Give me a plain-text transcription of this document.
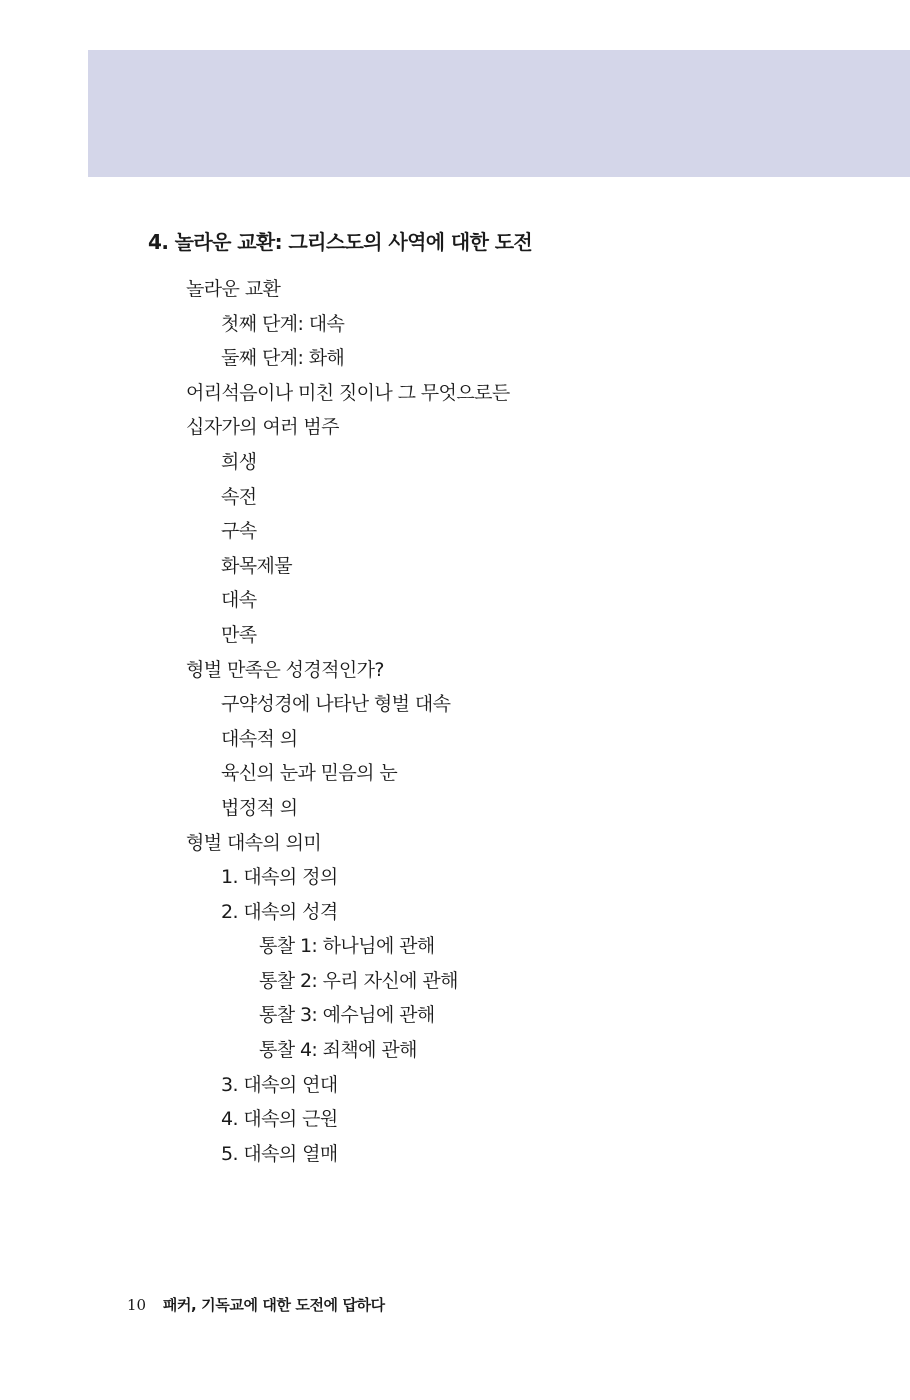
4. 놀라운 교환: 그리스도의 사역에 대한 도전
놀라운 교환
첫째 단계: 대속
둘째 단계: 화해
어리석음이나 미친 짓이나 그 무엇으로든
십자가의 여러 범주
희생
속전
구속
화목제물
대속
만족
형벌 만족은 성경적인가?
구약성경에 나타난 형벌 대속
대속적 의
육신의 눈과 믿음의 눈
법정적 의
형벌 대속의 의미
1. 대속의 정의
2. 대속의 성격
통찰 1: 하나님에 관해
통찰 2: 우리 자신에 관해
통찰 3: 예수님에 관해
통찰 4: 죄책에 관해
3. 대속의 연대
4. 대속의 근원
5. 대속의 열매
10 패커, 기독교에 대한 도전에 답하다
